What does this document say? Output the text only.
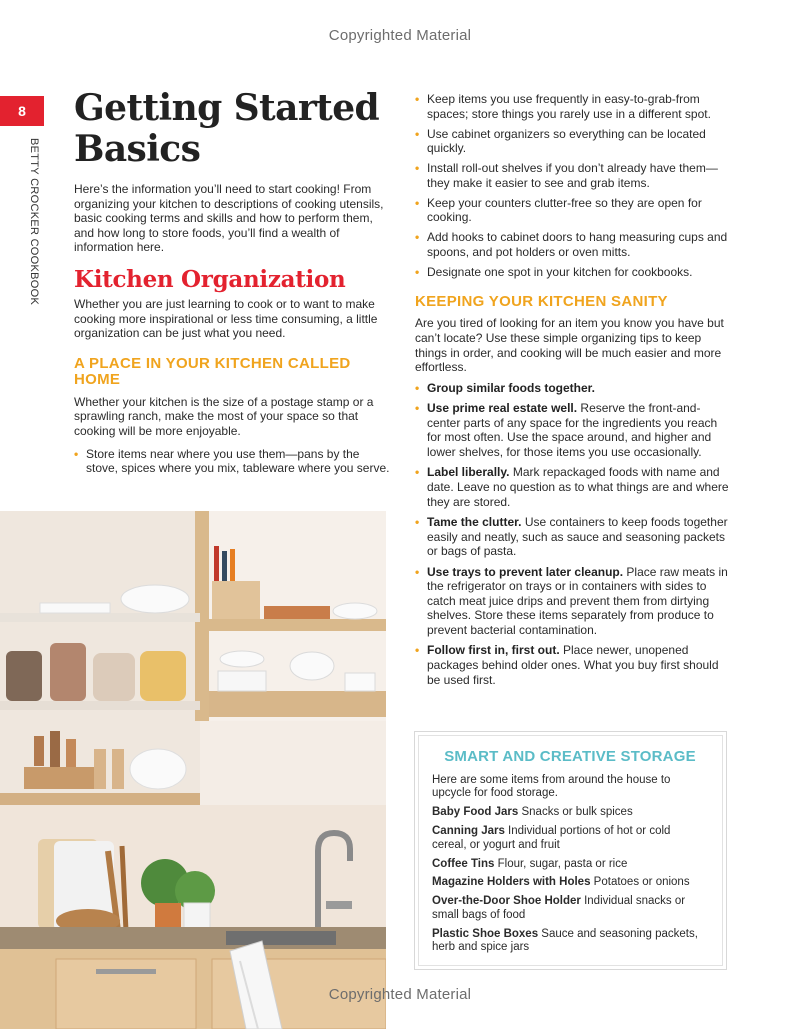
Copyrighted Material
8
BETTY CROCKER COOKBOOK
Getting Started Basics

Here’s the information you’ll need to start cooking! From organizing your kitchen to descriptions of cooking utensils, basic cooking terms and skills and how to perform them, and how long to store foods, you’ll find a wealth of information here.

Kitchen Organization

Whether you are just learning to cook or to want to make cooking more inspirational or less time consuming, a little organization can be just what you need.

A PLACE IN YOUR KITCHEN CALLED HOME

Whether your kitchen is the size of a postage stamp or a sprawling ranch, make the most of your space so that cooking will be more enjoyable.

• Store items near where you use them—pans by the stove, spices where you mix, tableware where you serve.
• Keep items you use frequently in easy-to-grab-from spaces; store things you rarely use in a different spot.
• Use cabinet organizers so everything can be located quickly.
• Install roll-out shelves if you don’t already have them—they make it easier to see and grab items.
• Keep your counters clutter-free so they are open for cooking.
• Add hooks to cabinet doors to hang measuring cups and spoons, and pot holders or oven mitts.
• Designate one spot in your kitchen for cookbooks.
KEEPING YOUR KITCHEN SANITY

Are you tired of looking for an item you know you have but can’t locate? Use these simple organizing tips to keep things in order, and cooking will be much easier and more effortless.

• Group similar foods together.
• Use prime real estate well. Reserve the front-and-center parts of any space for the ingredients you reach for most often. Use the space around, and higher and lower shelves, for those items you use occasionally.
• Label liberally. Mark repackaged foods with name and date. Leave no question as to what things are and where they are stored.
• Tame the clutter. Use containers to keep foods together easily and neatly, such as sauce and seasoning packets or bags of pasta.
• Use trays to prevent later cleanup. Place raw meats in the refrigerator on trays or in containers with sides to catch meat juice drips and prevent them from dirtying shelves. Store these items separately from produce to prevent bacterial contamination.
• Follow first in, first out. Place newer, unopened packages behind older ones. What you buy first should be used first.
SMART AND CREATIVE STORAGE

Here are some items from around the house to upcycle for food storage.

Baby Food Jars Snacks or bulk spices

Canning Jars Individual portions of hot or cold cereal, or yogurt and fruit

Coffee Tins Flour, sugar, pasta or rice

Magazine Holders with Holes Potatoes or onions

Over-the-Door Shoe Holder Individual snacks or small bags of food

Plastic Shoe Boxes Sauce and seasoning packets, herb and spice jars

Copyrighted Material
